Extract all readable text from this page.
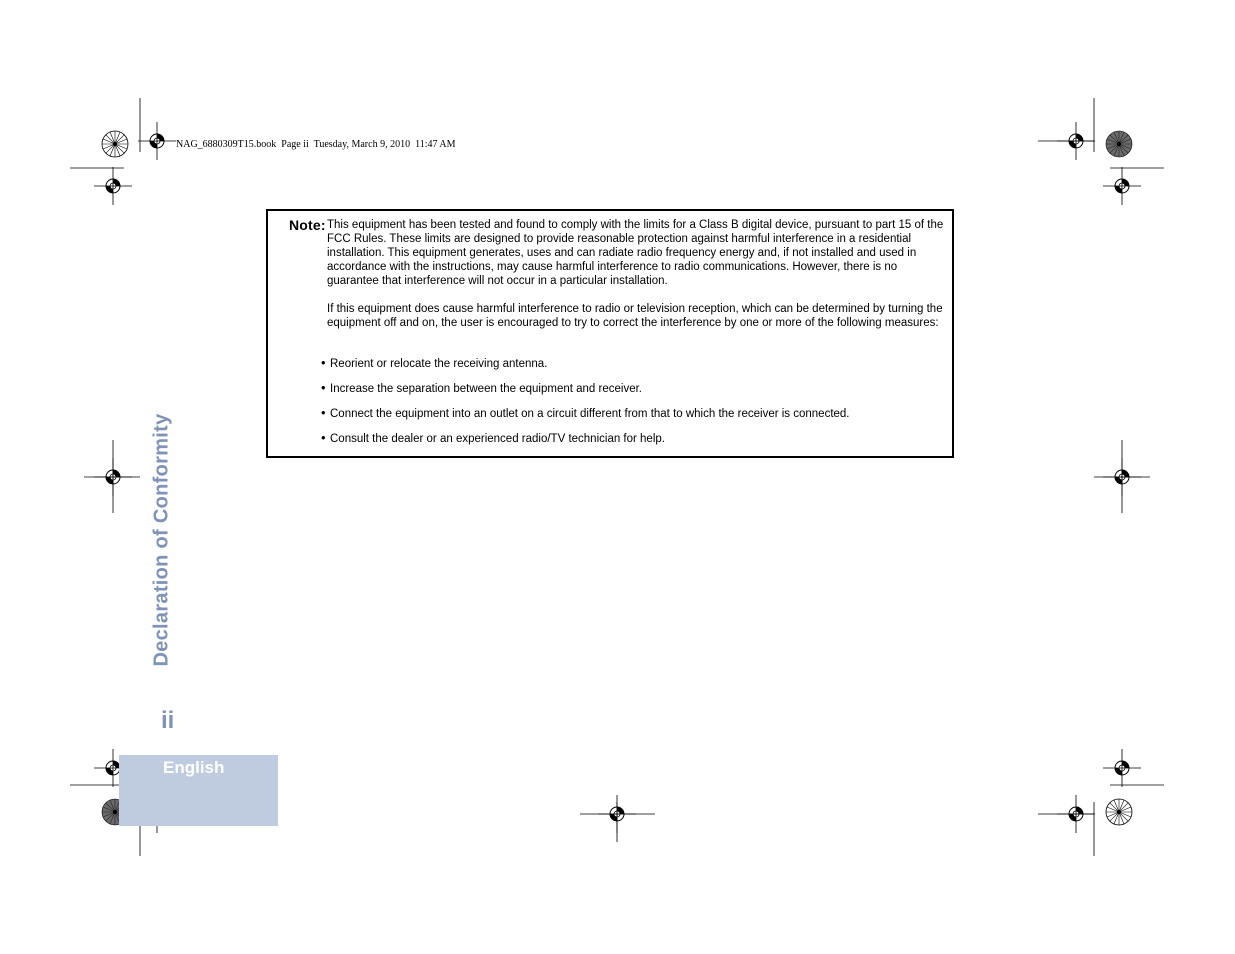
NAG_6880309T15.book  Page ii  Tuesday, March 9, 2010  11:47 AM
Note: This equipment has been tested and found to comply with the limits for a Class B digital device, pursuant to part 15 of the FCC Rules. These limits are designed to provide reasonable protection against harmful interference in a residential installation. This equipment generates, uses and can radiate radio frequency energy and, if not installed and used in accordance with the instructions, may cause harmful interference to radio communications. However, there is no guarantee that interference will not occur in a particular installation.

If this equipment does cause harmful interference to radio or television reception, which can be determined by turning the equipment off and on, the user is encouraged to try to correct the interference by one or more of the following measures:

• Reorient or relocate the receiving antenna.
• Increase the separation between the equipment and receiver.
• Connect the equipment into an outlet on a circuit different from that to which the receiver is connected.
• Consult the dealer or an experienced radio/TV technician for help.
Declaration of Conformity
ii
English
